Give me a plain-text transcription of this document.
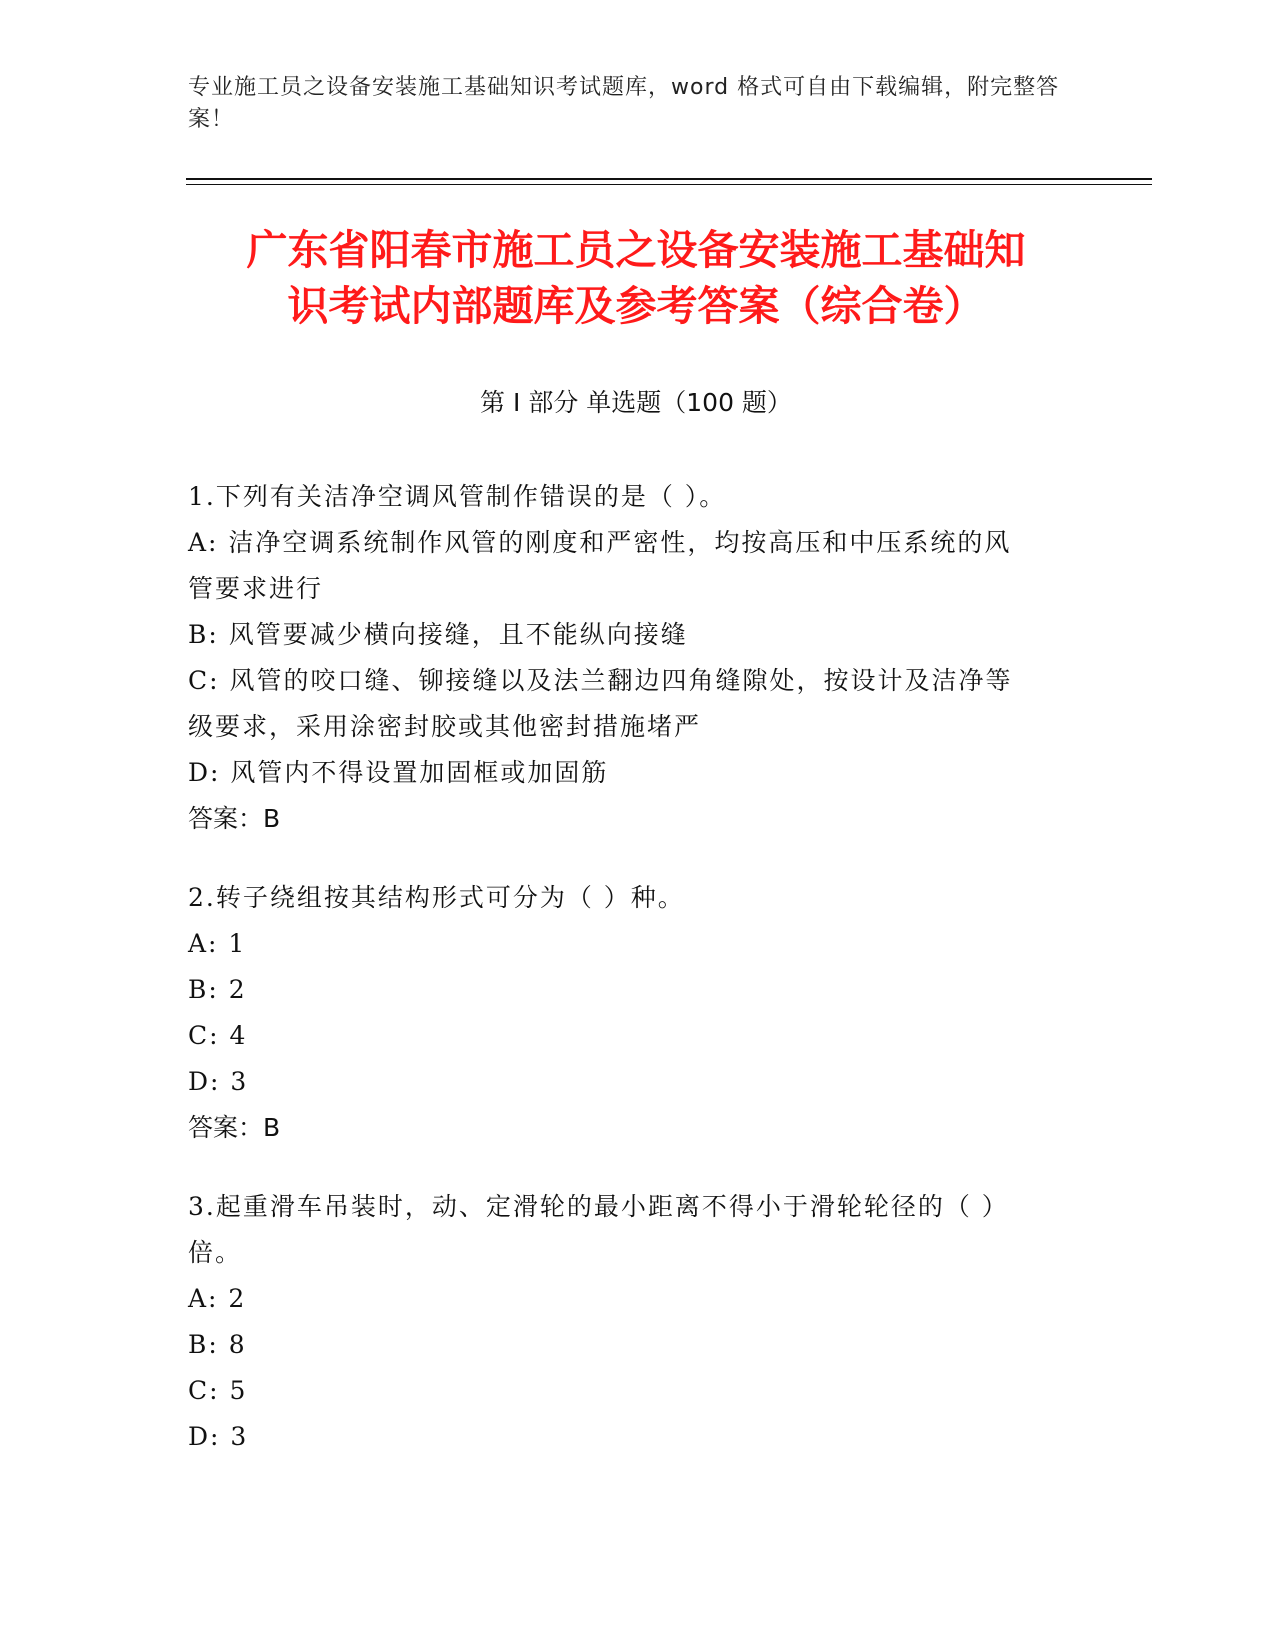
专业施工员之设备安装施工基础知识考试题库，word 格式可自由下载编辑，附完整答案！
广东省阳春市施工员之设备安装施工基础知
识考试内部题库及参考答案（综合卷）
第 I 部分 单选题（100 题）
1.下列有关洁净空调风管制作错误的是（ ）。
A: 洁净空调系统制作风管的刚度和严密性，均按高压和中压系统的风
管要求进行
B: 风管要减少横向接缝，且不能纵向接缝
C: 风管的咬口缝、铆接缝以及法兰翻边四角缝隙处，按设计及洁净等
级要求，采用涂密封胶或其他密封措施堵严
D: 风管内不得设置加固框或加固筋
答案：B
2.转子绕组按其结构形式可分为（ ）种。
A: 1
B: 2
C: 4
D: 3
答案：B
3.起重滑车吊装时，动、定滑轮的最小距离不得小于滑轮轮径的（ ）
倍。
A: 2
B: 8
C: 5
D: 3
